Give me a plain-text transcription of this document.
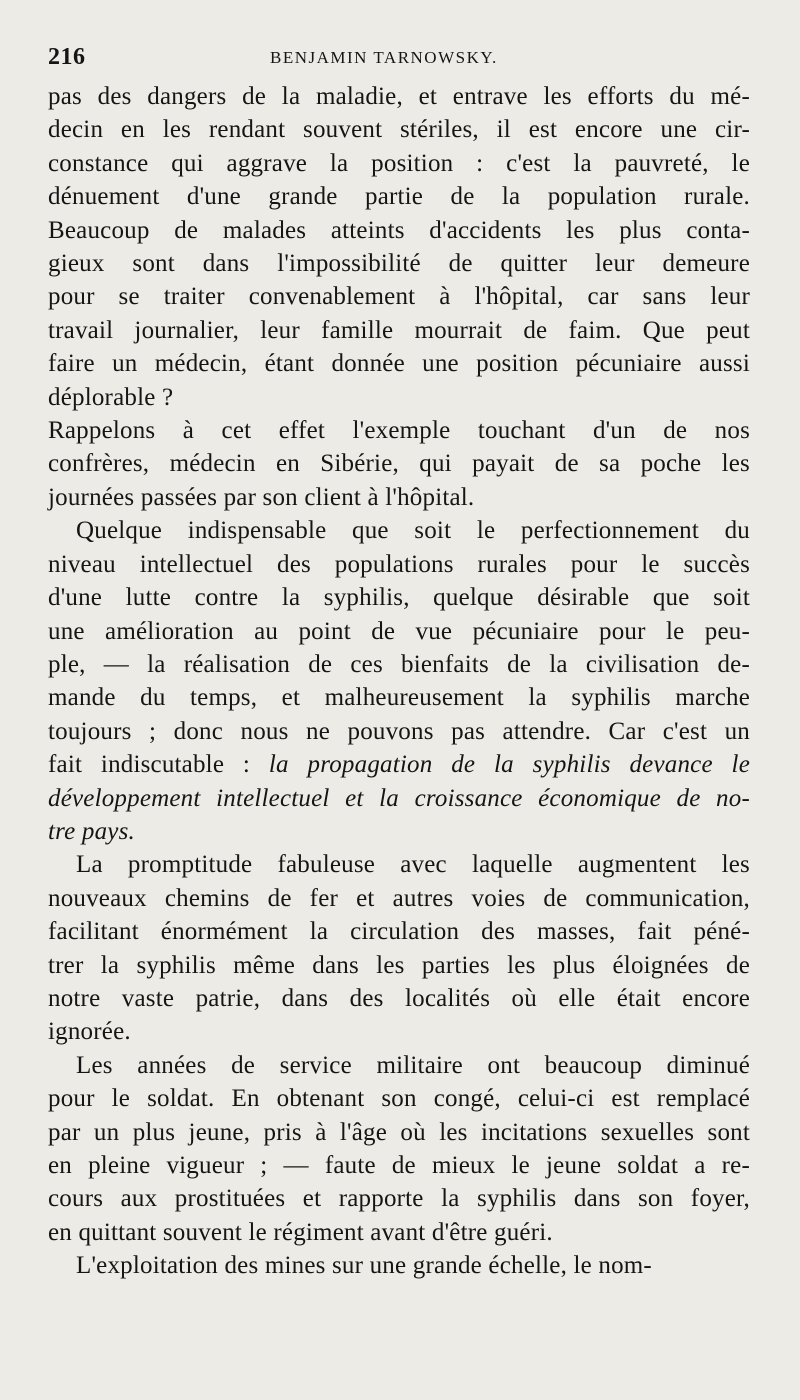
216	BENJAMIN TARNOWSKY.
pas des dangers de la maladie, et entrave les efforts du mé-
decin en les rendant souvent stériles, il est encore une cir-
constance qui aggrave la position : c'est la pauvreté, le
dénuement d'une grande partie de la population rurale.
Beaucoup de malades atteints d'accidents les plus conta-
gieux sont dans l'impossibilité de quitter leur demeure
pour se traiter convenablement à l'hôpital, car sans leur
travail journalier, leur famille mourrait de faim. Que peut
faire un médecin, étant donnée une position pécuniaire aussi
déplorable ?
Rappelons à cet effet l'exemple touchant d'un de nos
confrères, médecin en Sibérie, qui payait de sa poche les
journées passées par son client à l'hôpital.
Quelque indispensable que soit le perfectionnement du
niveau intellectuel des populations rurales pour le succès
d'une lutte contre la syphilis, quelque désirable que soit
une amélioration au point de vue pécuniaire pour le peu-
ple, — la réalisation de ces bienfaits de la civilisation de-
mande du temps, et malheureusement la syphilis marche
toujours ; donc nous ne pouvons pas attendre. Car c'est un
fait indiscutable : la propagation de la syphilis devance le
développement intellectuel et la croissance économique de no-
tre pays.
La promptitude fabuleuse avec laquelle augmentent les
nouveaux chemins de fer et autres voies de communication,
facilitant énormément la circulation des masses, fait péné-
trer la syphilis même dans les parties les plus éloignées de
notre vaste patrie, dans des localités où elle était encore
ignorée.
Les années de service militaire ont beaucoup diminué
pour le soldat. En obtenant son congé, celui-ci est remplacé
par un plus jeune, pris à l'âge où les incitations sexuelles sont
en pleine vigueur ; — faute de mieux le jeune soldat a re-
cours aux prostituées et rapporte la syphilis dans son foyer,
en quittant souvent le régiment avant d'être guéri.
L'exploitation des mines sur une grande échelle, le nom-
